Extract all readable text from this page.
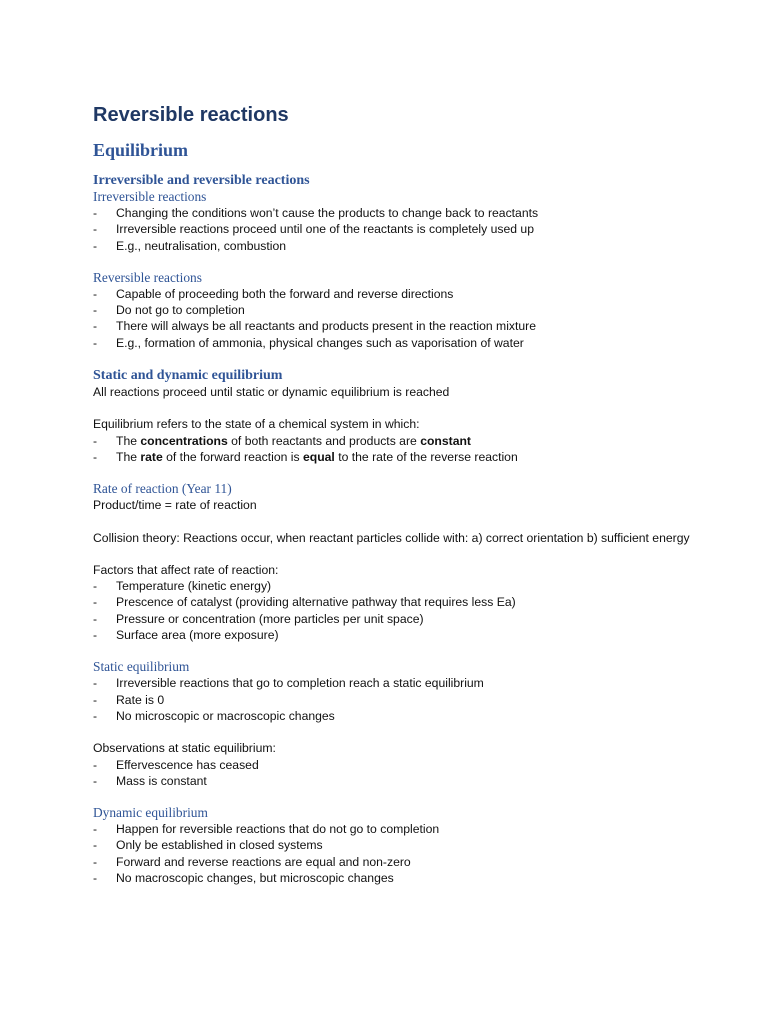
Reversible reactions
Equilibrium
Irreversible and reversible reactions
Irreversible reactions
- Changing the conditions won’t cause the products to change back to reactants
- Irreversible reactions proceed until one of the reactants is completely used up
- E.g., neutralisation, combustion
Reversible reactions
- Capable of proceeding both the forward and reverse directions
- Do not go to completion
- There will always be all reactants and products present in the reaction mixture
- E.g., formation of ammonia, physical changes such as vaporisation of water
Static and dynamic equilibrium
All reactions proceed until static or dynamic equilibrium is reached
Equilibrium refers to the state of a chemical system in which:
- The concentrations of both reactants and products are constant
- The rate of the forward reaction is equal to the rate of the reverse reaction
Rate of reaction (Year 11)
Product/time = rate of reaction
Collision theory: Reactions occur, when reactant particles collide with: a) correct orientation b) sufficient energy
Factors that affect rate of reaction:
- Temperature (kinetic energy)
- Prescence of catalyst (providing alternative pathway that requires less Ea)
- Pressure or concentration (more particles per unit space)
- Surface area (more exposure)
Static equilibrium
- Irreversible reactions that go to completion reach a static equilibrium
- Rate is 0
- No microscopic or macroscopic changes
Observations at static equilibrium:
- Effervescence has ceased
- Mass is constant
Dynamic equilibrium
- Happen for reversible reactions that do not go to completion
- Only be established in closed systems
- Forward and reverse reactions are equal and non-zero
- No macroscopic changes, but microscopic changes
